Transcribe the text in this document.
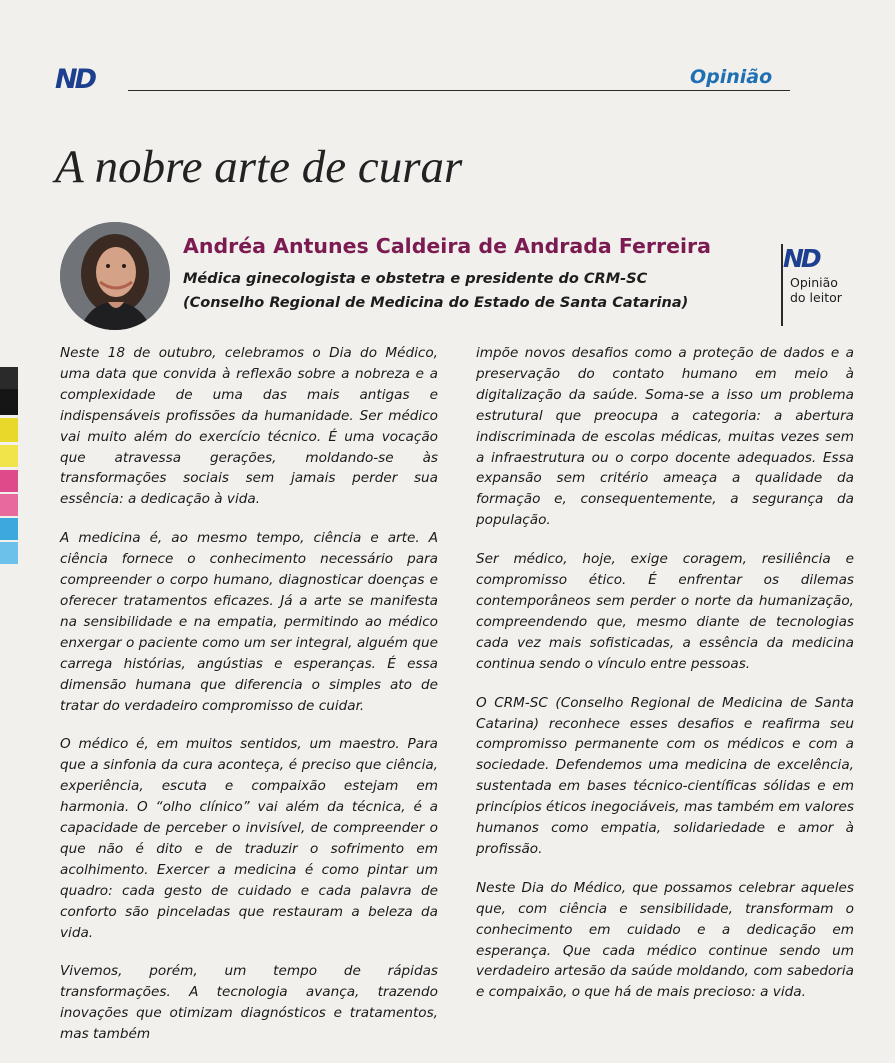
ND	Opinião
A nobre arte de curar
Andréa Antunes Caldeira de Andrada Ferreira
Médica ginecologista e obstetra e presidente do CRM-SC
(Conselho Regional de Medicina do Estado de Santa Catarina)
ND
Opinião
do leitor

Neste 18 de outubro, celebramos o Dia do Médico, uma data que convida à reflexão sobre a nobreza e a complexidade de uma das mais antigas e indispensáveis profissões da humanidade. Ser médico vai muito além do exercício técnico. É uma vocação que atravessa gerações, moldando-se às transformações sociais sem jamais perder sua essência: a dedicação à vida.

A medicina é, ao mesmo tempo, ciência e arte. A ciência fornece o conhecimento necessário para compreender o corpo humano, diagnosticar doenças e oferecer tratamentos eficazes. Já a arte se manifesta na sensibilidade e na empatia, permitindo ao médico enxergar o paciente como um ser integral, alguém que carrega histórias, angústias e esperanças. É essa dimensão humana que diferencia o simples ato de tratar do verdadeiro compromisso de cuidar.

O médico é, em muitos sentidos, um maestro. Para que a sinfonia da cura aconteça, é preciso que ciência, experiência, escuta e compaixão estejam em harmonia. O “olho clínico” vai além da técnica, é a capacidade de perceber o invisível, de compreender o que não é dito e de traduzir o sofrimento em acolhimento. Exercer a medicina é como pintar um quadro: cada gesto de cuidado e cada palavra de conforto são pinceladas que restauram a beleza da vida.

Vivemos, porém, um tempo de rápidas transformações. A tecnologia avança, trazendo inovações que otimizam diagnósticos e tratamentos, mas também

impõe novos desafios como a proteção de dados e a preservação do contato humano em meio à digitalização da saúde. Soma-se a isso um problema estrutural que preocupa a categoria: a abertura indiscriminada de escolas médicas, muitas vezes sem a infraestrutura ou o corpo docente adequados. Essa expansão sem critério ameaça a qualidade da formação e, consequentemente, a segurança da população.

Ser médico, hoje, exige coragem, resiliência e compromisso ético. É enfrentar os dilemas contemporâneos sem perder o norte da humanização, compreendendo que, mesmo diante de tecnologias cada vez mais sofisticadas, a essência da medicina continua sendo o vínculo entre pessoas.

O CRM-SC (Conselho Regional de Medicina de Santa Catarina) reconhece esses desafios e reafirma seu compromisso permanente com os médicos e com a sociedade. Defendemos uma medicina de excelência, sustentada em bases técnico-científicas sólidas e em princípios éticos inegociáveis, mas também em valores humanos como empatia, solidariedade e amor à profissão.

Neste Dia do Médico, que possamos celebrar aqueles que, com ciência e sensibilidade, transformam o conhecimento em cuidado e a dedicação em esperança. Que cada médico continue sendo um verdadeiro artesão da saúde moldando, com sabedoria e compaixão, o que há de mais precioso: a vida.
